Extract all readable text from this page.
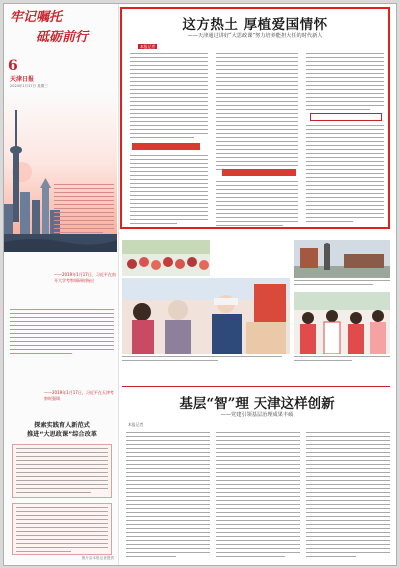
牢记嘱托
砥砺前行
6
天津日报
2024年1月17日 星期三
——2019年1月17日，习近平在南开大学考察调研时指出
——2019年1月17日，习近平在天津考察时强调
探索实践育人新范式
推进“大思政课”综合改革
图片由本报记者提供
这方热土 厚植爱国情怀
——天津通过讲好“大思政课”努力培养能担大任的时代新人
本报记者
基层“智”理 天津这样创新
——党建引领基层治理成果丰硕
本报记者
